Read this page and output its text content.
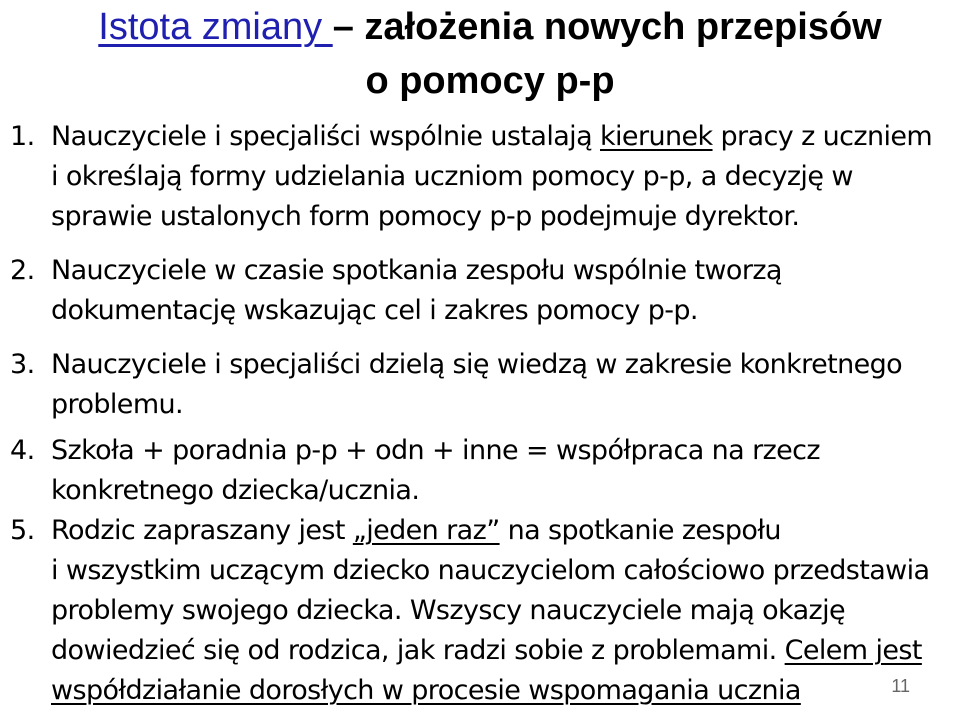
Istota zmiany – założenia nowych przepisów
o pomocy p-p
1. Nauczyciele i specjaliści wspólnie ustalają kierunek pracy z uczniem
i określają formy udzielania uczniom pomocy p-p, a decyzję w
sprawie ustalonych form pomocy p-p podejmuje dyrektor.
2. Nauczyciele w czasie spotkania zespołu wspólnie tworzą
dokumentację wskazując cel i zakres pomocy p-p.
3. Nauczyciele i specjaliści dzielą się wiedzą w zakresie konkretnego
problemu.
4. Szkoła + poradnia p-p + odn + inne = współpraca na rzecz
konkretnego dziecka/ucznia.
5. Rodzic zapraszany jest „jeden raz” na spotkanie zespołu
i wszystkim uczącym dziecko nauczycielom całościowo przedstawia
problemy swojego dziecka. Wszyscy nauczyciele mają okazję
dowiedzieć się od rodzica, jak radzi sobie z problemami. Celem jest
współdziałanie dorosłych w procesie wspomagania ucznia	11
